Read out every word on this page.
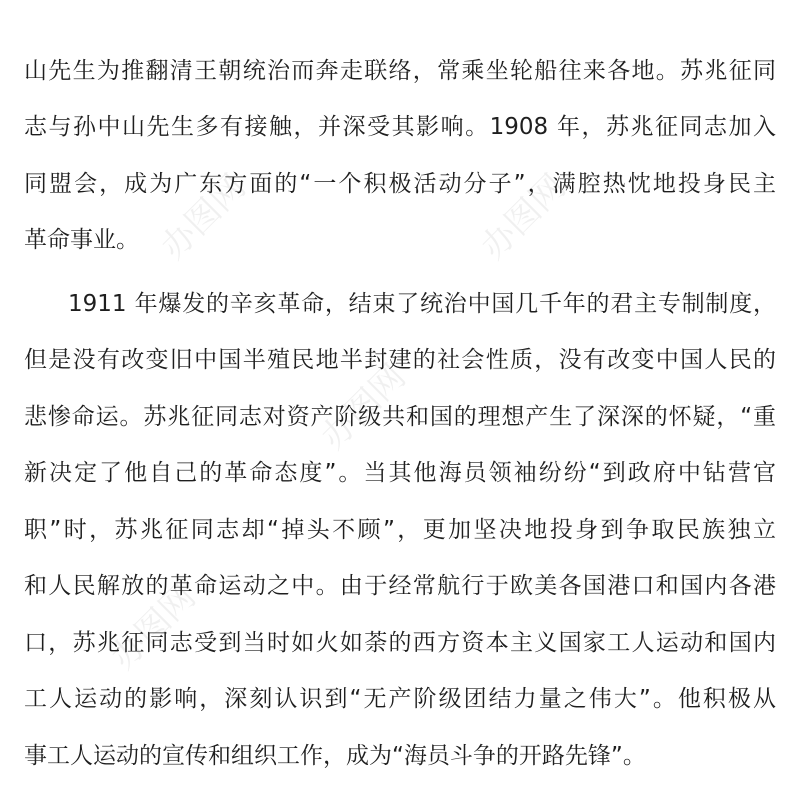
办图网	办图网
办图网
办图网
山先生为推翻清王朝统治而奔走联络，常乘坐轮船往来各地。苏兆征同
志与孙中山先生多有接触，并深受其影响。1908 年，苏兆征同志加入
同盟会，成为广东方面的“一个积极活动分子”，满腔热忱地投身民主
革命事业。
1911 年爆发的辛亥革命，结束了统治中国几千年的君主专制制度，
但是没有改变旧中国半殖民地半封建的社会性质，没有改变中国人民的
悲惨命运。苏兆征同志对资产阶级共和国的理想产生了深深的怀疑，“重
新决定了他自己的革命态度”。当其他海员领袖纷纷“到政府中钻营官
职”时，苏兆征同志却“掉头不顾”，更加坚决地投身到争取民族独立
和人民解放的革命运动之中。由于经常航行于欧美各国港口和国内各港
口，苏兆征同志受到当时如火如荼的西方资本主义国家工人运动和国内
工人运动的影响，深刻认识到“无产阶级团结力量之伟大”。他积极从
事工人运动的宣传和组织工作，成为“海员斗争的开路先锋”。
